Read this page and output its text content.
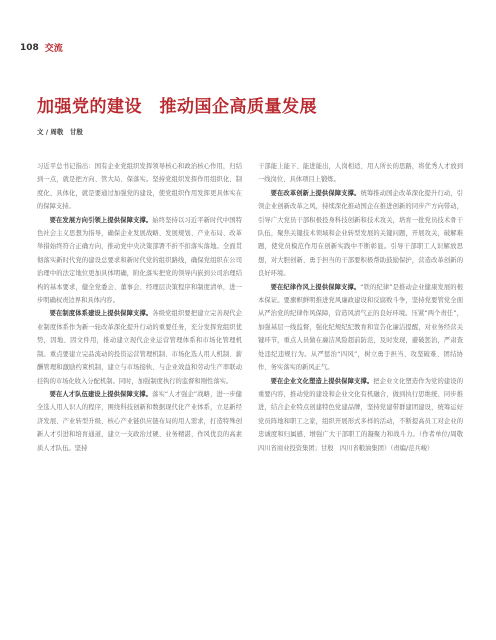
108 交流
加强党的建设　推动国企高质量发展
文 / 周敬　甘殷

习近平总书记指出：国有企业党组织发挥领导核心和政治核心作用，归结到一点，就是把方向、管大局、保落实。坚持党组织发挥作用组织化、制度化、具体化，就是要通过加强党的建设，使党组织作用发挥更具体实在的保障支持。

要在发展方向引领上提供保障支撑。始终坚持以习近平新时代中国特色社会主义思想为指导，确保企业发展战略、发展规划、产业布局、改革举措始终符合正确方向，推动党中央决策部署不折不扣落实落地。全面贯彻落实新时代党的建设总要求和新时代党的组织路线，确保党组织在公司治理中的法定地位更加具体明确，附化落实把党的领导内嵌到公司治理结构的基本要求，健全党委会、董事会、经理层决策程序和制度清单，进一步明确权责边界和具体内容。

要在制度体系建设上提供保障支撑。各级党组织要把建立完善现代企业制度体系作为新一轮改革深化提升行动的重要任务，充分发挥党组织优势，因地、因文件用，推动建立现代企业运营管理体系和市场化管理机制。重点要建立完品流动的投资运营管理机制、市场化选人用人机制、薪酬管理和激励约束机制，建立与市场接轨、与企业效益和劳动生产率联动挂钩的市场化收入分配机制。同时，加强制度执行的监督和刚性落实。

要在人才队伍建设上提供保障支撑。落实“人才强企”战略，进一步健全选人用人识人的程序，围绕科技创新和数据现代化产业体系，立足新经济发展、产业转型升级、核心产业链供应链布局的用人需求，打造特殊创新人才引进和培育通道，建立一支政治过硬、业务精湛、作风优良的高素质人才队伍。坚持

干部能上能下、能进能出，人岗相适、用人所长的思路，将优秀人才放到一线岗位、具体项目上锻炼。

要在改革创新上提供保障支撑。统筹推动国企改革深化提升行动，引领企业创新改革之风，持续深化推动国企在推进创新的同步产方向带动，引导广大党员干部积极投身科技创新和技术攻关，培育一批党员技术骨干队伍，聚焦关键技术领域和企业转型发展的关键问题，开展攻关，破解难题，使党员模范作用在创新实践中不断彰显。引导干部职工人识解放思想，对大胆创新、勇于担当的干部要积极帮助鼓励保护，营造改革创新的良好环境。

要在纪律作风上提供保障支撑。“铁的纪律”是推动企业健康发展的根本保证。要旗帜鲜明推进党风廉政建设和反腐败斗争，坚持党要管党全面从严治党的纪律作风保障，营造风清气正的良好环境。压紧“两个责任”，加强基层一线监督，强化纪规纪纪教育和宣告化廉洁提醒，对业务经营关键环节，重点人员做在廉洁风险超前防范，及时发现，避破惩治，严肃查处违纪违规行为。从严惩治“四风”，树立勇于担当、攻坚破难、团结协作、务实落实的新风正气。

要在企业文化塑造上提供保障支撑。把企业文化塑造作为党的建设的重要内容，推动党的建设和企业文化有机融合，做到执行思维统、同步推进，结合企业特点创建特色党建品牌，坚持党建带群建团建设，统筹运好党员阵地和职工之家，组织开展形式多样的活动，不断提高员工对企业的忠诚度和归属感、增强广大干部职工的凝聚力和战斗力。（作者单位/周敬　四川省商业投资集团；甘殷　四川省粮油集团）（责编/范兵峻）
